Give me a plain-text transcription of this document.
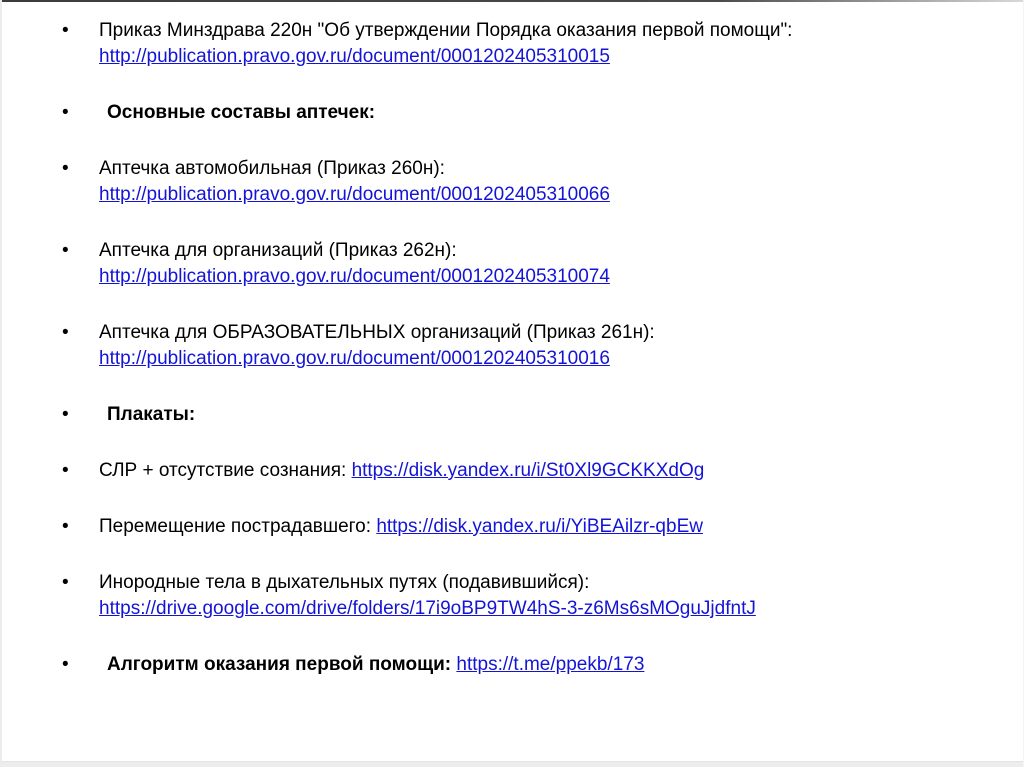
• Приказ Минздрава 220н "Об утверждении Порядка оказания первой помощи":
http://publication.pravo.gov.ru/document/0001202405310015
• Основные составы аптечек:
• Аптечка автомобильная (Приказ 260н):
http://publication.pravo.gov.ru/document/0001202405310066
• Аптечка для организаций (Приказ 262н):
http://publication.pravo.gov.ru/document/0001202405310074
• Аптечка для ОБРАЗОВАТЕЛЬНЫХ организаций (Приказ 261н):
http://publication.pravo.gov.ru/document/0001202405310016
• Плакаты:
• СЛР + отсутствие сознания: https://disk.yandex.ru/i/St0Xl9GCKKXdOg
• Перемещение пострадавшего: https://disk.yandex.ru/i/YiBEAilzr-qbEw
• Инородные тела в дыхательных путях (подавившийся):
https://drive.google.com/drive/folders/17i9oBP9TW4hS-3-z6Ms6sMOguJjdfntJ
• Алгоритм оказания первой помощи: https://t.me/ppekb/173
